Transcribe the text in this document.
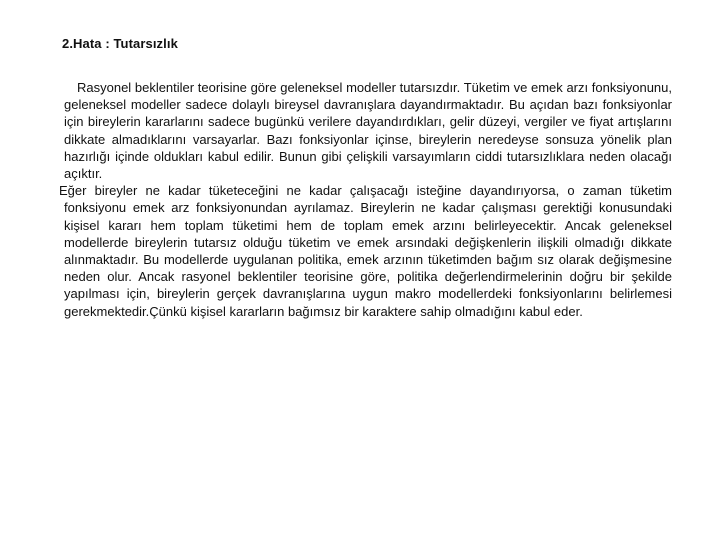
2.Hata : Tutarsızlık

Rasyonel beklentiler teorisine göre geleneksel modeller tutarsızdır. Tüketim ve emek arzı fonksiyonunu, geleneksel modeller sadece dolaylı bireysel davranışlara dayandırmaktadır. Bu açıdan bazı fonksiyonlar için bireylerin kararlarını sadece bugünkü verilere dayandırdıkları, gelir düzeyi, vergiler ve fiyat artışlarını dikkate almadıklarını varsayarlar. Bazı fonksiyonlar içinse, bireylerin neredeyse sonsuza yönelik plan hazırlığı içinde oldukları kabul edilir. Bunun gibi çelişkili varsayımların ciddi tutarsızlıklara neden olacağı açıktır.

Eğer bireyler ne kadar tüketeceğini ne kadar çalışacağı isteğine dayandırıyorsa, o zaman tüketim fonksiyonu emek arz fonksiyonundan ayrılamaz. Bireylerin ne kadar çalışması gerektiği konusundaki kişisel kararı hem toplam tüketimi hem de toplam emek arzını belirleyecektir. Ancak geleneksel modellerde bireylerin tutarsız olduğu tüketim ve emek arsındaki değişkenlerin ilişkili olmadığı dikkate alınmaktadır. Bu modellerde uygulanan politika, emek arzının tüketimden bağım sız olarak değişmesine neden olur. Ancak rasyonel beklentiler teorisine göre, politika değerlendirmelerinin doğru bir şekilde yapılması için, bireylerin gerçek davranışlarına uygun makro modellerdeki fonksiyonlarını belirlemesi gerekmektedir.Çünkü kişisel kararların bağımsız bir karaktere sahip olmadığını kabul eder.
